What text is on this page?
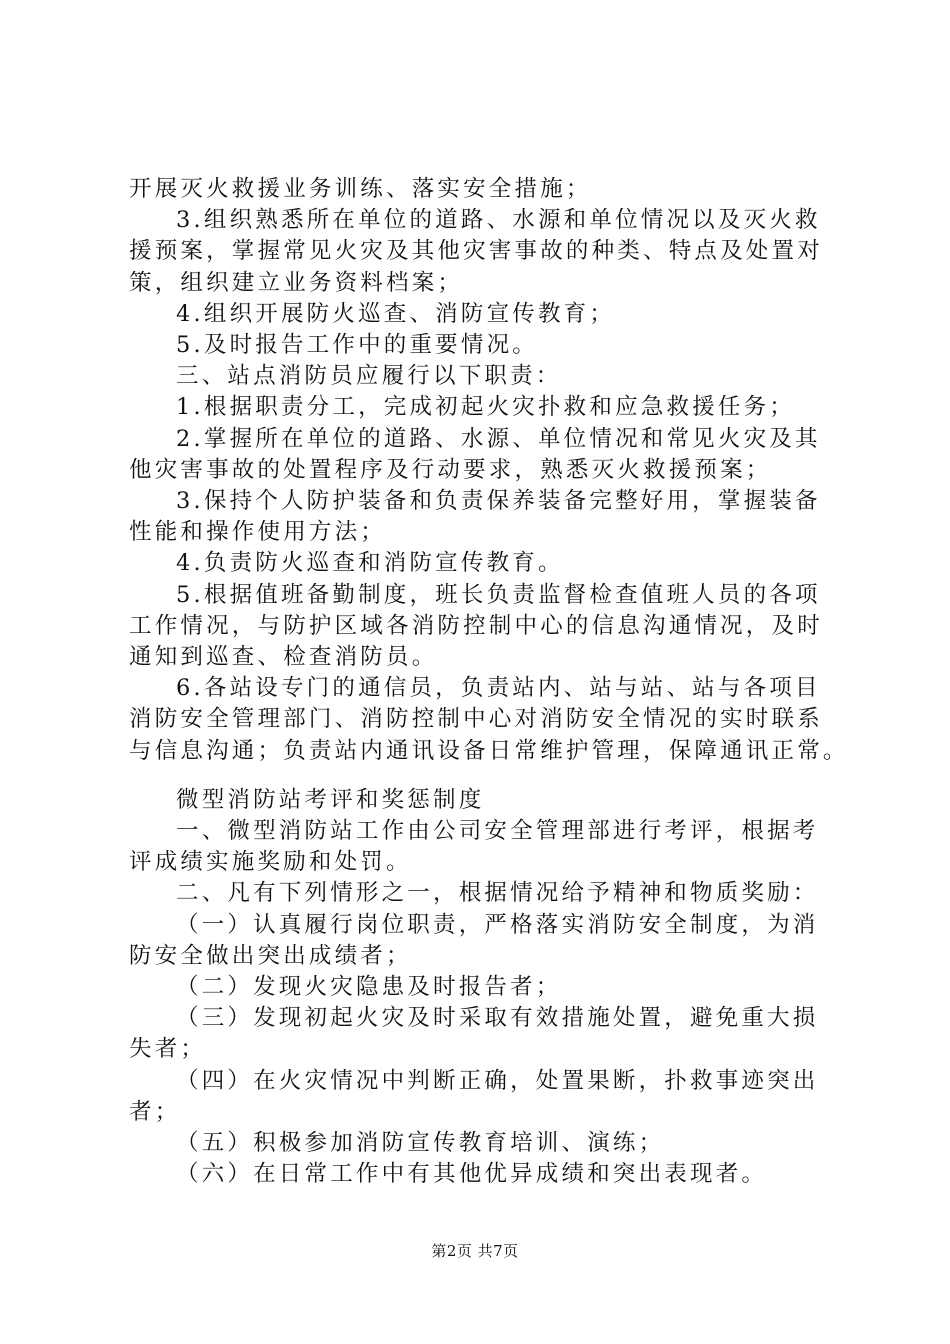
开展灭火救援业务训练、落实安全措施；
3.组织熟悉所在单位的道路、水源和单位情况以及灭火救
援预案，掌握常见火灾及其他灾害事故的种类、特点及处置对
策，组织建立业务资料档案；
4.组织开展防火巡查、消防宣传教育；
5.及时报告工作中的重要情况。
三、站点消防员应履行以下职责：
1.根据职责分工，完成初起火灾扑救和应急救援任务；
2.掌握所在单位的道路、水源、单位情况和常见火灾及其
他灾害事故的处置程序及行动要求，熟悉灭火救援预案；
3.保持个人防护装备和负责保养装备完整好用，掌握装备
性能和操作使用方法；
4.负责防火巡查和消防宣传教育。
5.根据值班备勤制度，班长负责监督检查值班人员的各项
工作情况，与防护区域各消防控制中心的信息沟通情况，及时
通知到巡查、检查消防员。
6.各站设专门的通信员，负责站内、站与站、站与各项目
消防安全管理部门、消防控制中心对消防安全情况的实时联系
与信息沟通；负责站内通讯设备日常维护管理，保障通讯正常。
微型消防站考评和奖惩制度
一、微型消防站工作由公司安全管理部进行考评，根据考
评成绩实施奖励和处罚。
二、凡有下列情形之一，根据情况给予精神和物质奖励：
（一）认真履行岗位职责，严格落实消防安全制度，为消
防安全做出突出成绩者；
（二）发现火灾隐患及时报告者；
（三）发现初起火灾及时采取有效措施处置，避免重大损
失者；
（四）在火灾情况中判断正确，处置果断，扑救事迹突出
者；
（五）积极参加消防宣传教育培训、演练；
（六）在日常工作中有其他优异成绩和突出表现者。
第2页 共7页
